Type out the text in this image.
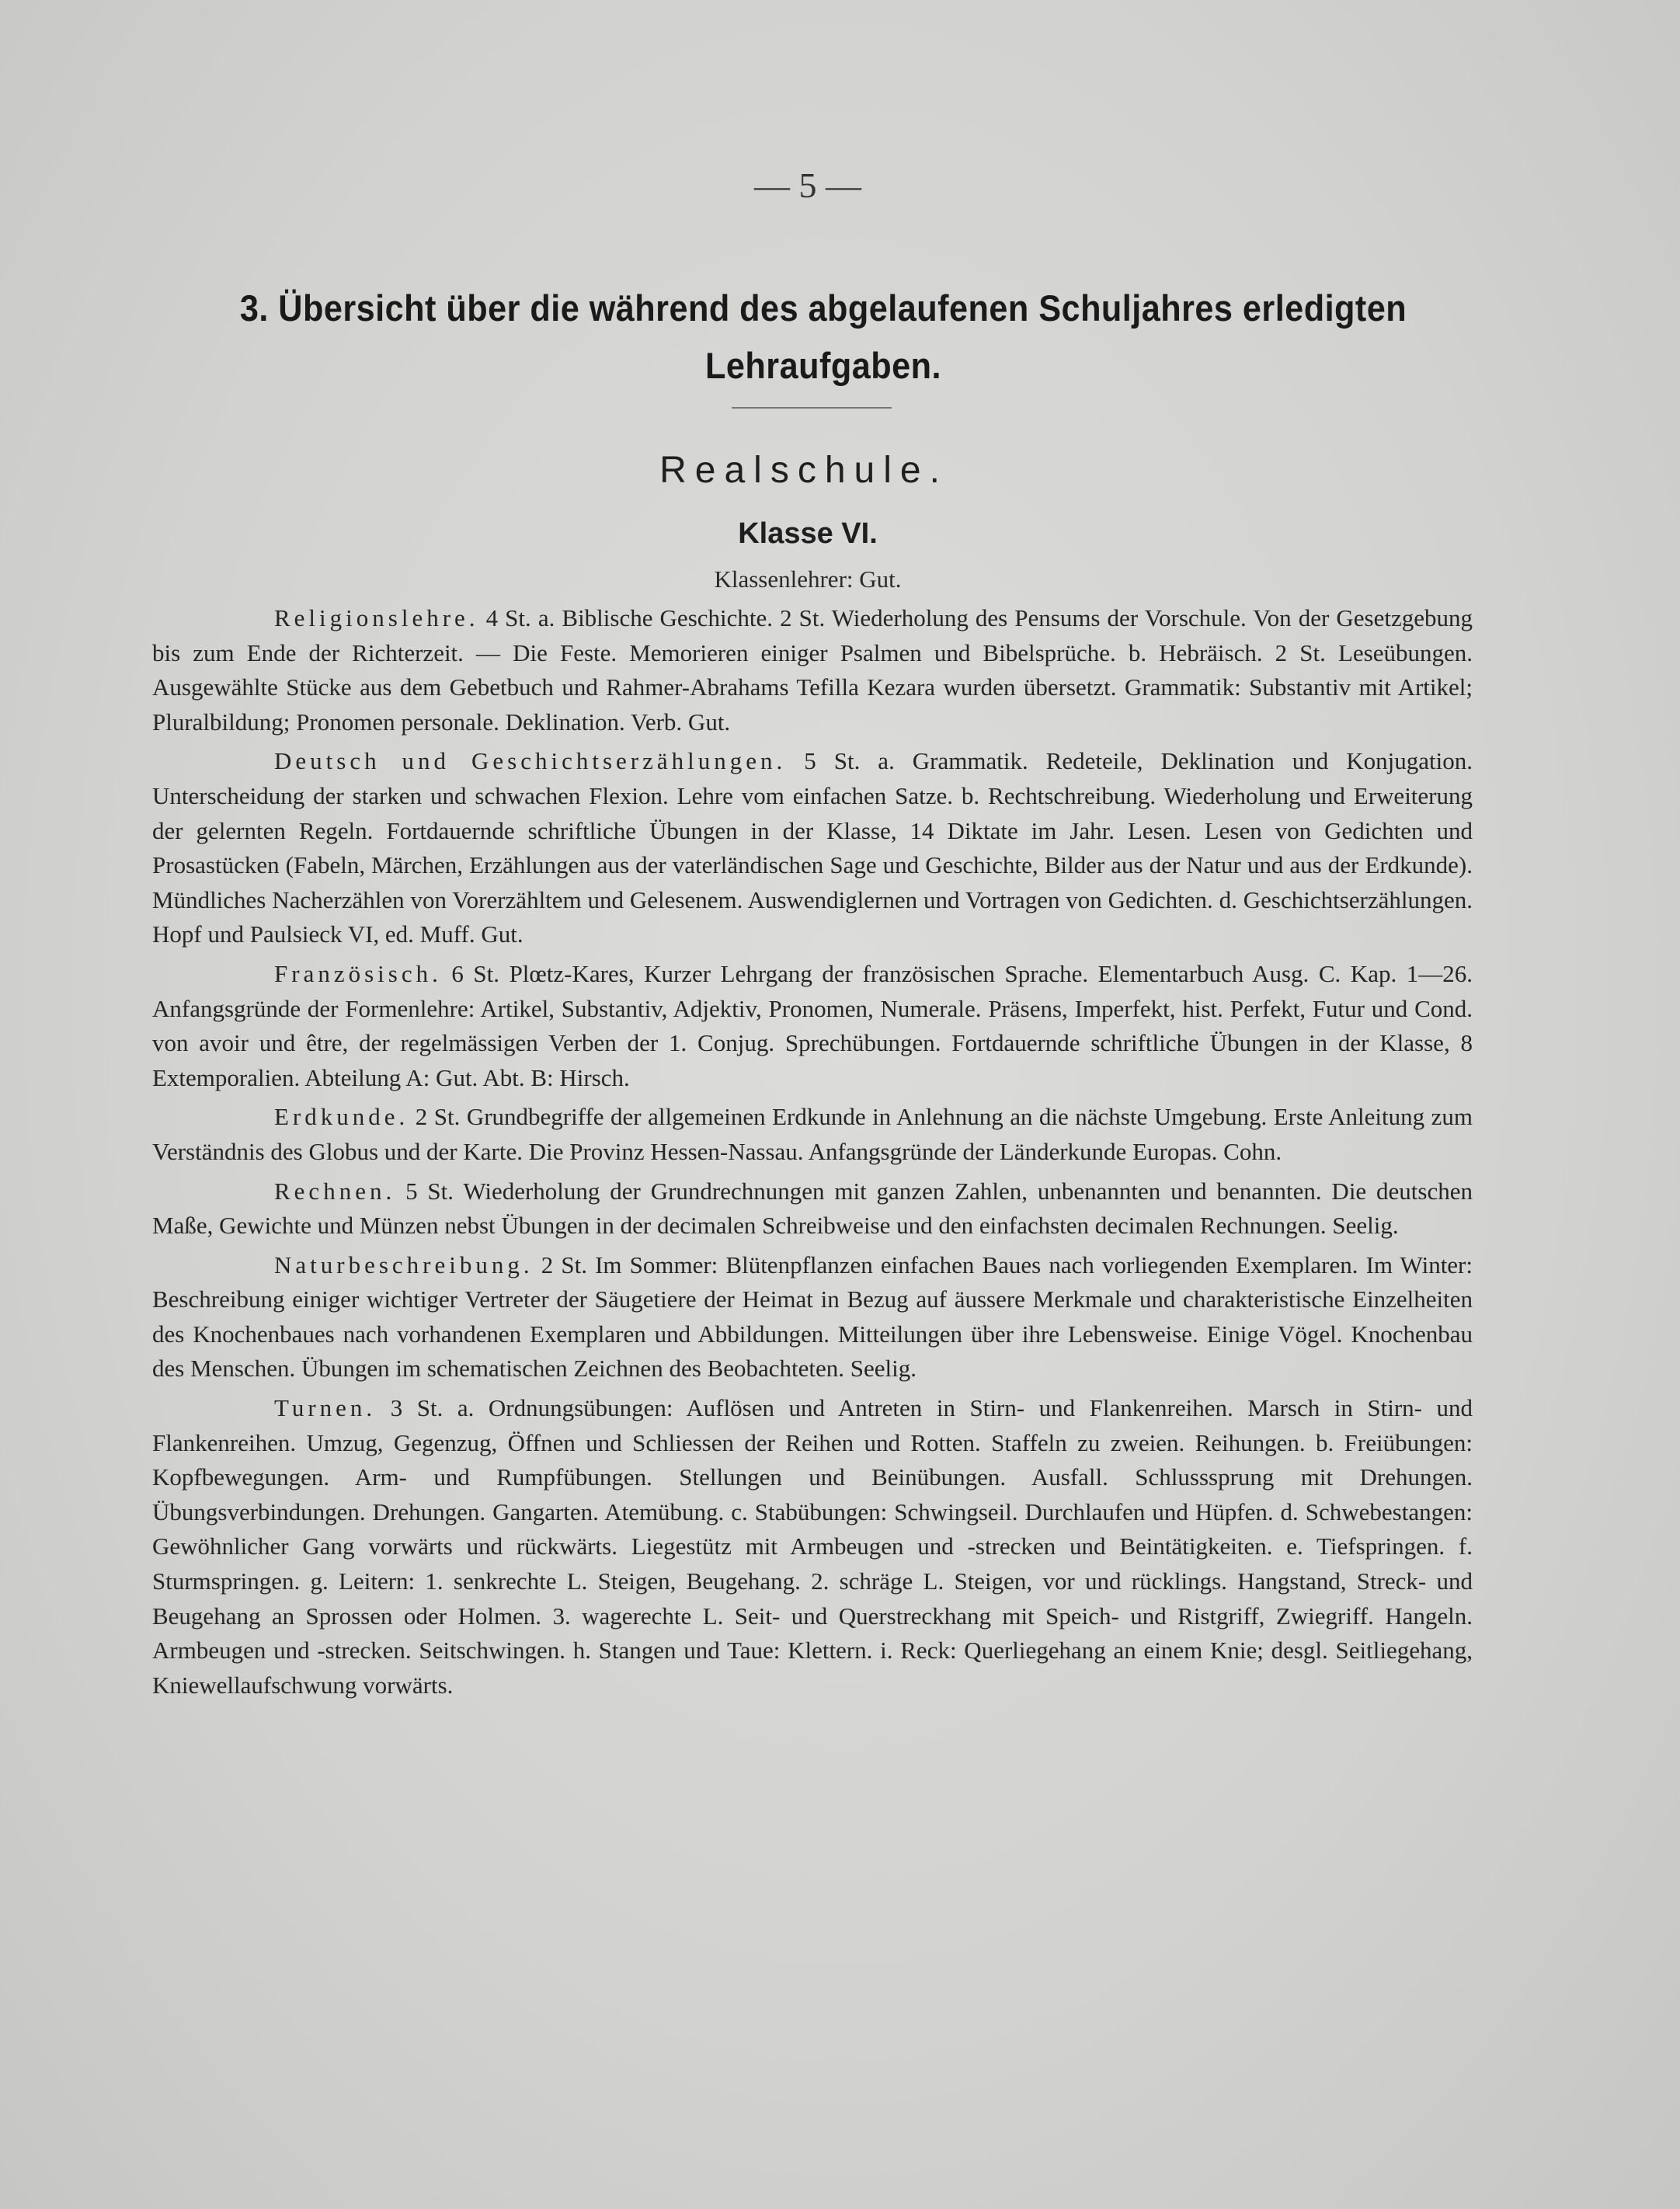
— 5 —
3. Übersicht über die während des abgelaufenen Schuljahres erledigten Lehraufgaben.
Realschule.
Klasse VI.
Klassenlehrer: Gut.

Religionslehre. 4 St. a. Biblische Geschichte. 2 St. Wiederholung des Pensums der Vorschule. Von der Gesetzgebung bis zum Ende der Richterzeit. — Die Feste. Memorieren einiger Psalmen und Bibelsprüche. b. Hebräisch. 2 St. Leseübungen. Ausgewählte Stücke aus dem Gebetbuch und Rahmer-Abrahams Tefilla Kezara wurden übersetzt. Grammatik: Substantiv mit Artikel; Pluralbildung; Pronomen personale. Deklination. Verb. Gut.

Deutsch und Geschichtserzählungen. 5 St. a. Grammatik. Redeteile, Deklination und Konjugation. Unterscheidung der starken und schwachen Flexion. Lehre vom einfachen Satze. b. Rechtschreibung. Wiederholung und Erweiterung der gelernten Regeln. Fortdauernde schriftliche Übungen in der Klasse, 14 Diktate im Jahr. Lesen. Lesen von Gedichten und Prosastücken (Fabeln, Märchen, Erzählungen aus der vaterländischen Sage und Geschichte, Bilder aus der Natur und aus der Erdkunde). Mündliches Nacherzählen von Vorerzähltem und Gelesenem. Auswendiglernen und Vortragen von Gedichten. d. Geschichtserzählungen. Hopf und Paulsieck VI, ed. Muff. Gut.

Französisch. 6 St. Plœtz-Kares, Kurzer Lehrgang der französischen Sprache. Elementarbuch Ausg. C. Kap. 1—26. Anfangsgründe der Formenlehre: Artikel, Substantiv, Adjektiv, Pronomen, Numerale. Präsens, Imperfekt, hist. Perfekt, Futur und Cond. von avoir und être, der regelmässigen Verben der 1. Conjug. Sprechübungen. Fortdauernde schriftliche Übungen in der Klasse, 8 Extemporalien. Abteilung A: Gut. Abt. B: Hirsch.

Erdkunde. 2 St. Grundbegriffe der allgemeinen Erdkunde in Anlehnung an die nächste Umgebung. Erste Anleitung zum Verständnis des Globus und der Karte. Die Provinz Hessen-Nassau. Anfangsgründe der Länderkunde Europas. Cohn.

Rechnen. 5 St. Wiederholung der Grundrechnungen mit ganzen Zahlen, unbenannten und benannten. Die deutschen Maße, Gewichte und Münzen nebst Übungen in der decimalen Schreibweise und den einfachsten decimalen Rechnungen. Seelig.

Naturbeschreibung. 2 St. Im Sommer: Blütenpflanzen einfachen Baues nach vorliegenden Exemplaren. Im Winter: Beschreibung einiger wichtiger Vertreter der Säugetiere der Heimat in Bezug auf äussere Merkmale und charakteristische Einzelheiten des Knochenbaues nach vorhandenen Exemplaren und Abbildungen. Mitteilungen über ihre Lebensweise. Einige Vögel. Knochenbau des Menschen. Übungen im schematischen Zeichnen des Beobachteten. Seelig.

Turnen. 3 St. a. Ordnungsübungen: Auflösen und Antreten in Stirn- und Flankenreihen. Marsch in Stirn- und Flankenreihen. Umzug, Gegenzug, Öffnen und Schliessen der Reihen und Rotten. Staffeln zu zweien. Reihungen. b. Freiübungen: Kopfbewegungen. Arm- und Rumpfübungen. Stellungen und Beinübungen. Ausfall. Schlusssprung mit Drehungen. Übungsverbindungen. Drehungen. Gangarten. Atemübung. c. Stabübungen: Schwingseil. Durchlaufen und Hüpfen. d. Schwebestangen: Gewöhnlicher Gang vorwärts und rückwärts. Liegestütz mit Armbeugen und -strecken und Beintätigkeiten. e. Tiefspringen. f. Sturmspringen. g. Leitern: 1. senkrechte L. Steigen, Beugehang. 2. schräge L. Steigen, vor und rücklings. Hangstand, Streck- und Beugehang an Sprossen oder Holmen. 3. wagerechte L. Seit- und Querstreckhang mit Speich- und Ristgriff, Zwiegriff. Hangeln. Armbeugen und -strecken. Seitschwingen. h. Stangen und Taue: Klettern. i. Reck: Querliegehang an einem Knie; desgl. Seitliegehang, Kniewellaufschwung vorwärts.
